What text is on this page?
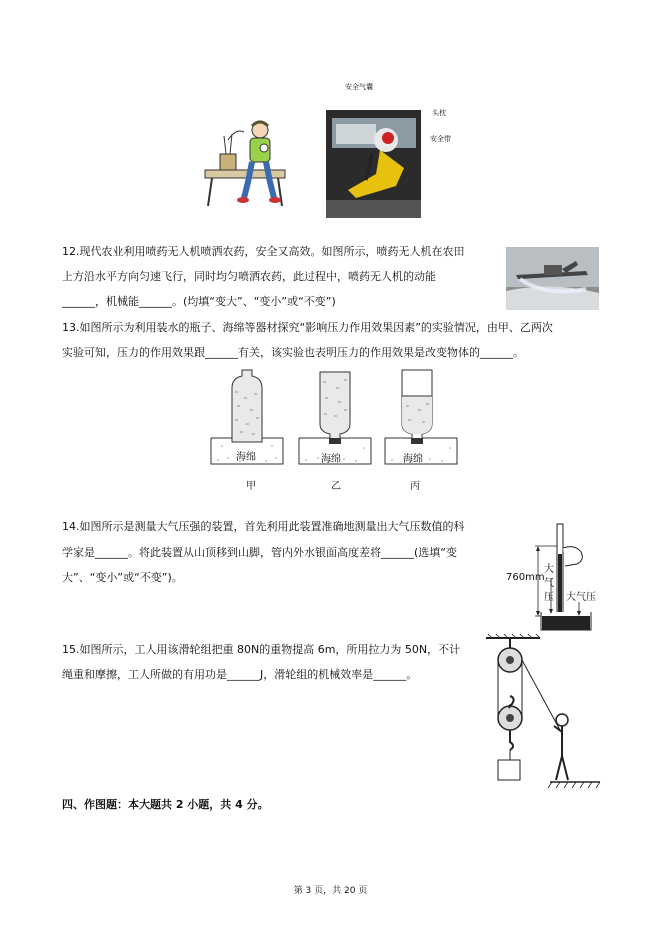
安全气囊
头枕
安全带
12.现代农业利用喷药无人机喷洒农药，安全又高效。如图所示，喷药无人机在农田
上方沿水平方向匀速飞行，同时均匀喷洒农药，此过程中，喷药无人机的动能
______，机械能______。(均填“变大”、“变小”或“不变”)
13.如图所示为利用装水的瓶子、海绵等器材探究“影响压力作用效果因素”的实验情况，由甲、乙两次
实验可知，压力的作用效果跟______有关，该实验也表明压力的作用效果是改变物体的______。
海绵
甲
海绵
乙
海绵
丙
14.如图所示是测量大气压强的装置，首先利用此装置准确地测量出大气压数值的科
学家是______。将此装置从山顶移到山脚，管内外水银面高度差将______(选填“变
大”、“变小”或“不变”)。	760mm
大
气
压 大气压
15.如图所示，工人用该滑轮组把重 80N的重物提高 6m，所用拉力为 50N，不计
绳重和摩擦，工人所做的有用功是______J，滑轮组的机械效率是______。
四、作图题：本大题共 2 小题，共 4 分。
第 3 页，共 20 页
